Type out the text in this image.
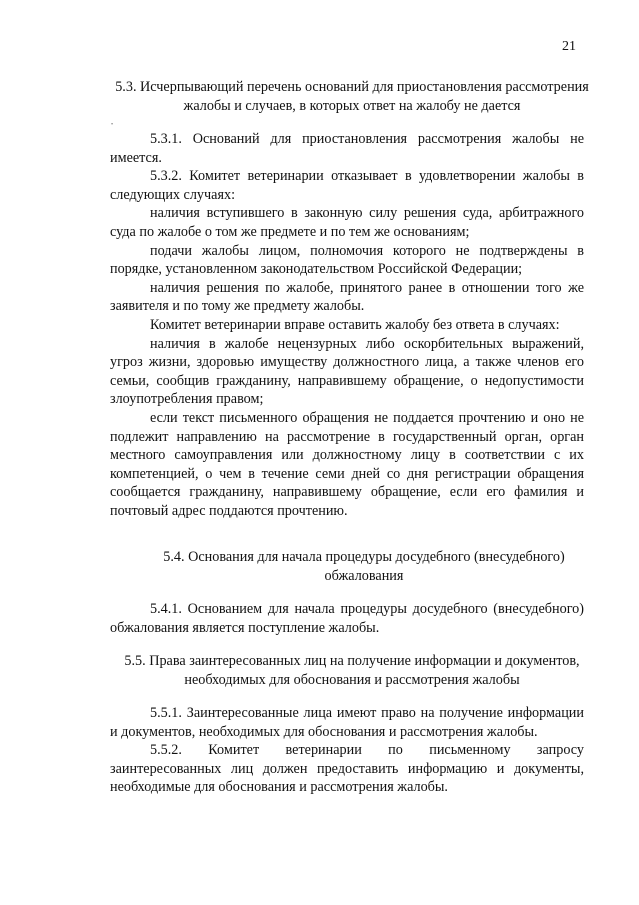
21
•
5.3. Исчерпывающий перечень оснований для приостановления рассмотрения жалобы и случаев, в которых ответ на жалобу не дается

5.3.1. Оснований для приостановления рассмотрения жалобы не имеется.

5.3.2. Комитет ветеринарии отказывает в удовлетворении жалобы в следующих случаях:

наличия вступившего в законную силу решения суда, арбитражного суда по жалобе о том же предмете и по тем же основаниям;

подачи жалобы лицом, полномочия которого не подтверждены в порядке, установленном законодательством Российской Федерации;

наличия решения по жалобе, принятого ранее в отношении того же заявителя и по тому же предмету жалобы.

Комитет ветеринарии вправе оставить жалобу без ответа в случаях:

наличия в жалобе нецензурных либо оскорбительных выражений, угроз жизни, здоровью имуществу должностного лица, а также членов его семьи, сообщив гражданину, направившему обращение, о недопустимости злоупотребления правом;

если текст письменного обращения не поддается прочтению и оно не подлежит направлению на рассмотрение в государственный орган, орган местного самоуправления или должностному лицу в соответствии с их компетенцией, о чем в течение семи дней со дня регистрации обращения сообщается гражданину, направившему обращение, если его фамилия и почтовый адрес поддаются прочтению.

5.4. Основания для начала процедуры досудебного (внесудебного) обжалования

5.4.1. Основанием для начала процедуры досудебного (внесудебного) обжалования является поступление жалобы.

5.5. Права заинтересованных лиц на получение информации и документов, необходимых для обоснования и рассмотрения жалобы

5.5.1. Заинтересованные лица имеют право на получение информации и документов, необходимых для обоснования и рассмотрения жалобы.

5.5.2. Комитет ветеринарии по письменному запросу заинтересованных лиц должен предоставить информацию и документы, необходимые для обоснования и рассмотрения жалобы.
